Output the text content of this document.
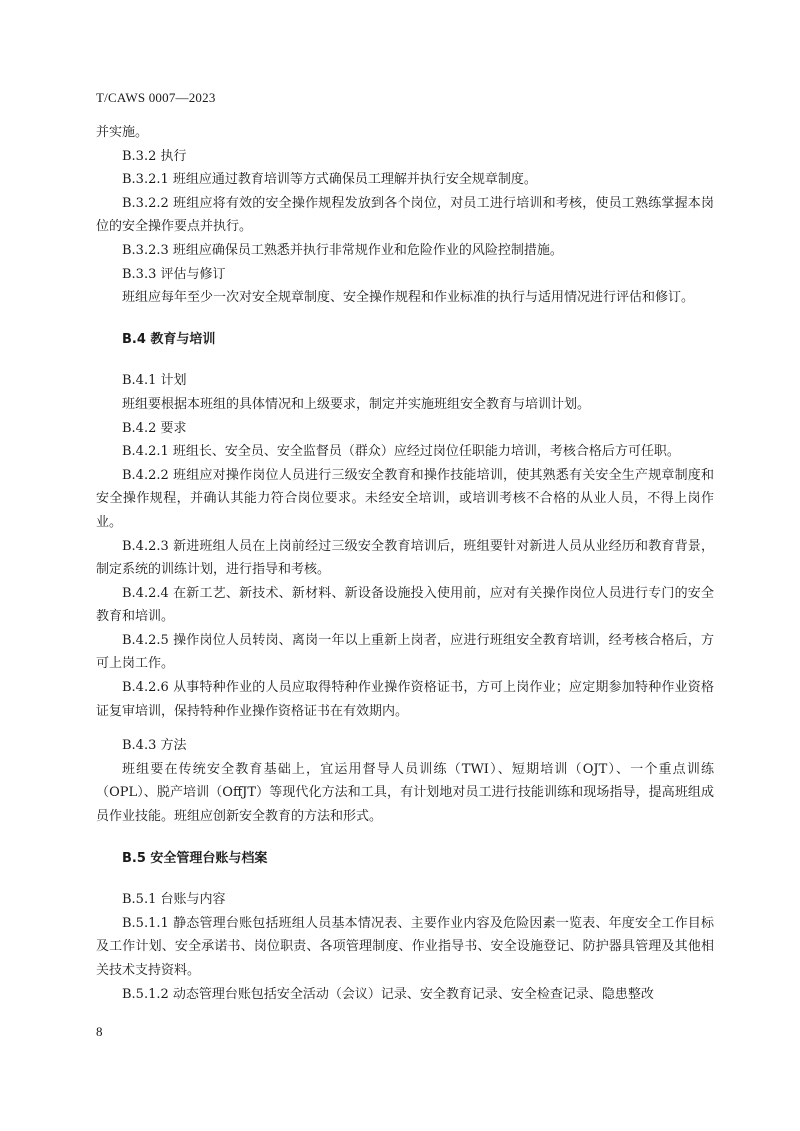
T/CAWS 0007—2023
并实施。
B.3.2 执行
B.3.2.1 班组应通过教育培训等方式确保员工理解并执行安全规章制度。
B.3.2.2 班组应将有效的安全操作规程发放到各个岗位，对员工进行培训和考核，使员工熟练掌握本岗位的安全操作要点并执行。
B.3.2.3 班组应确保员工熟悉并执行非常规作业和危险作业的风险控制措施。
B.3.3 评估与修订
班组应每年至少一次对安全规章制度、安全操作规程和作业标准的执行与适用情况进行评估和修订。
B.4 教育与培训
B.4.1 计划
班组要根据本班组的具体情况和上级要求，制定并实施班组安全教育与培训计划。
B.4.2 要求
B.4.2.1 班组长、安全员、安全监督员（群众）应经过岗位任职能力培训，考核合格后方可任职。
B.4.2.2 班组应对操作岗位人员进行三级安全教育和操作技能培训，使其熟悉有关安全生产规章制度和安全操作规程，并确认其能力符合岗位要求。未经安全培训，或培训考核不合格的从业人员，不得上岗作业。
B.4.2.3 新进班组人员在上岗前经过三级安全教育培训后，班组要针对新进人员从业经历和教育背景，制定系统的训练计划，进行指导和考核。
B.4.2.4 在新工艺、新技术、新材料、新设备设施投入使用前，应对有关操作岗位人员进行专门的安全教育和培训。
B.4.2.5 操作岗位人员转岗、离岗一年以上重新上岗者，应进行班组安全教育培训，经考核合格后，方可上岗工作。
B.4.2.6 从事特种作业的人员应取得特种作业操作资格证书，方可上岗作业；应定期参加特种作业资格证复审培训，保持特种作业操作资格证书在有效期内。
B.4.3 方法
班组要在传统安全教育基础上，宜运用督导人员训练（TWI）、短期培训（OJT）、一个重点训练（OPL）、脱产培训（OffJT）等现代化方法和工具，有计划地对员工进行技能训练和现场指导，提高班组成员作业技能。班组应创新安全教育的方法和形式。
B.5 安全管理台账与档案
B.5.1 台账与内容
B.5.1.1 静态管理台账包括班组人员基本情况表、主要作业内容及危险因素一览表、年度安全工作目标及工作计划、安全承诺书、岗位职责、各项管理制度、作业指导书、安全设施登记、防护器具管理及其他相关技术支持资料。
B.5.1.2 动态管理台账包括安全活动（会议）记录、安全教育记录、安全检查记录、隐患整改
8
